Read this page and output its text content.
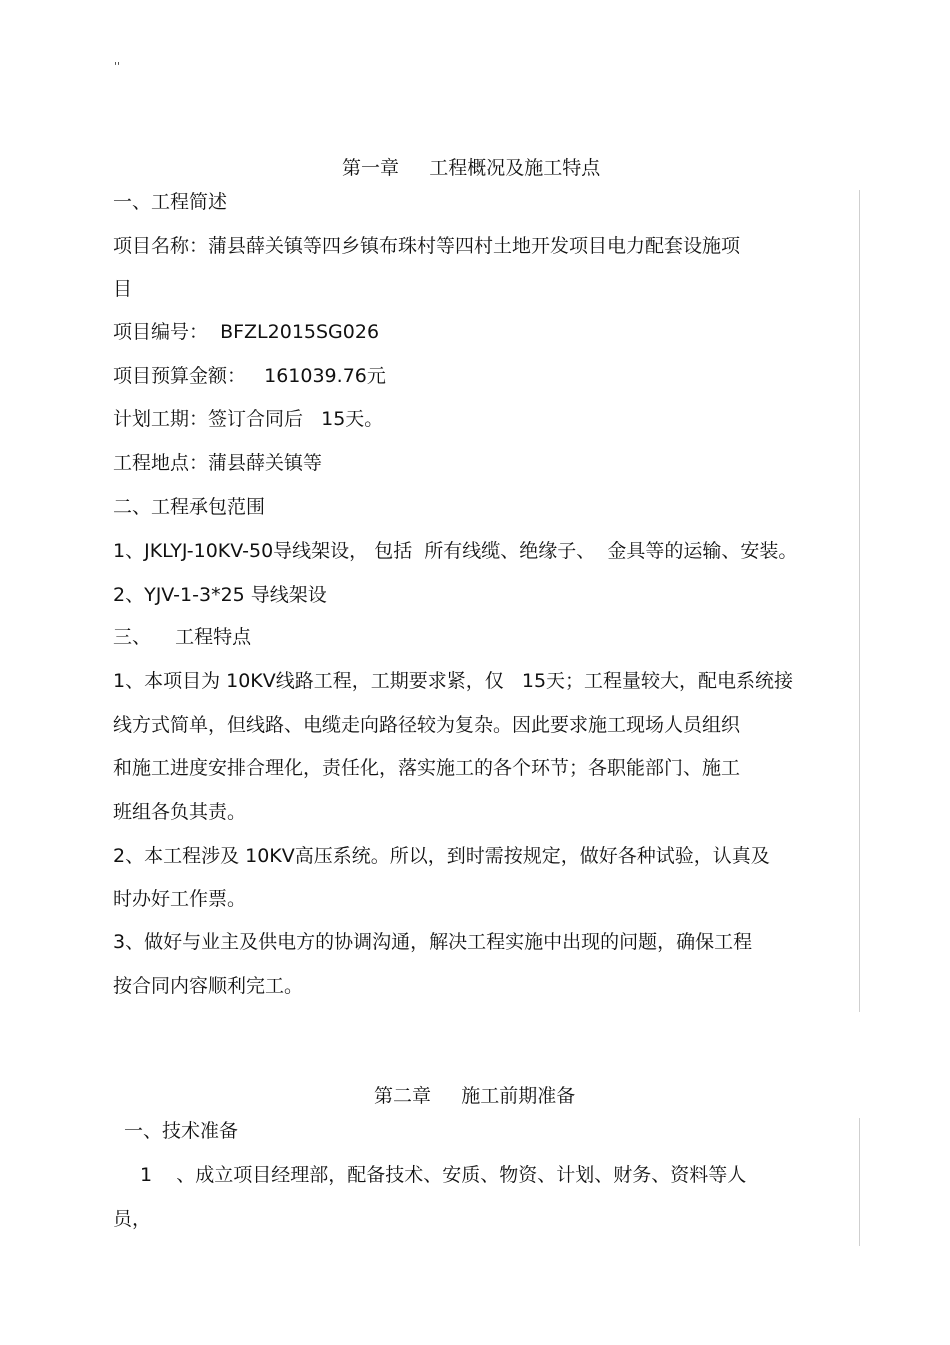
''
第一章     工程概况及施工特点
一、工程简述
项目名称：蒲县薛关镇等四乡镇布珠村等四村土地开发项目电力配套设施项
目
项目编号：  BFZL2015SG026
项目预算金额：   161039.76元
计划工期：签订合同后   15天。
工程地点：蒲县薛关镇等
二、工程承包范围
1、JKLYJ-10KV-50导线架设， 包括  所有线缆、绝缘子、  金具等的运输、安装。
2、YJV-1-3*25 导线架设
三、    工程特点
1、本项目为 10KV线路工程，工期要求紧，仅   15天；工程量较大，配电系统接
线方式简单，但线路、电缆走向路径较为复杂。因此要求施工现场人员组织
和施工进度安排合理化，责任化，落实施工的各个环节；各职能部门、施工
班组各负其责。
2、本工程涉及 10KV高压系统。所以，到时需按规定，做好各种试验，认真及
时办好工作票。
3、做好与业主及供电方的协调沟通，解决工程实施中出现的问题，确保工程
按合同内容顺利完工。
第二章     施工前期准备
一、技术准备
1    、成立项目经理部，配备技术、安质、物资、计划、财务、资料等人
员，
